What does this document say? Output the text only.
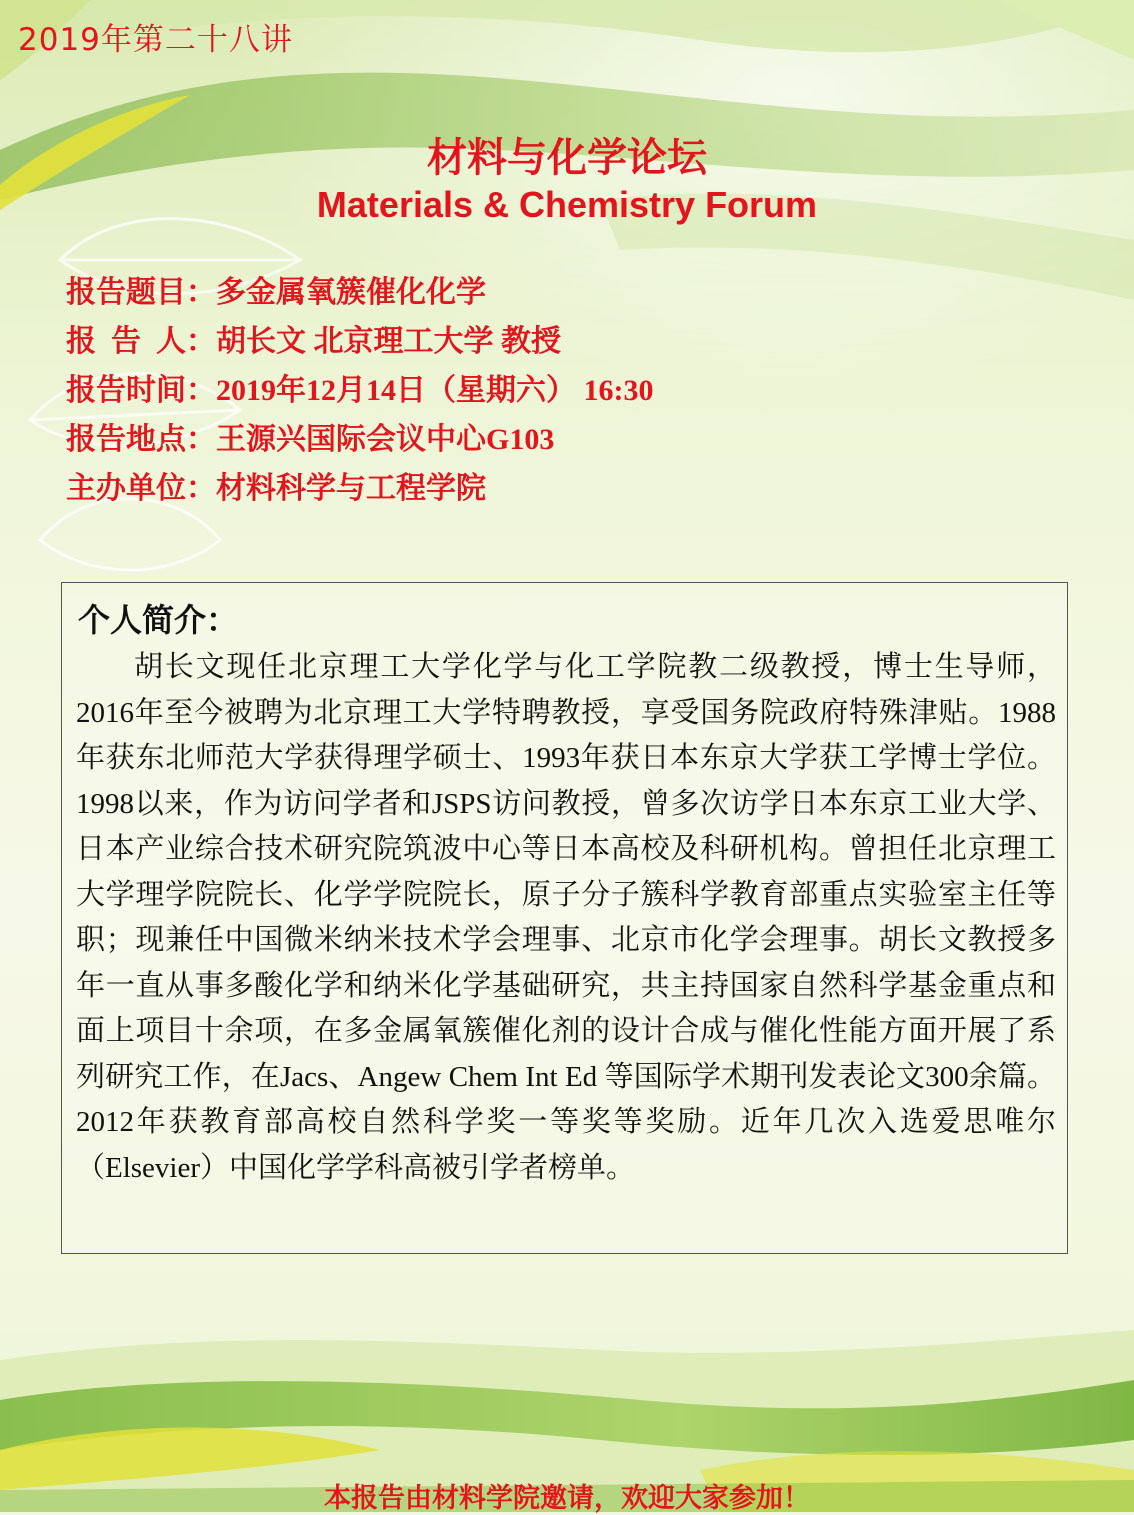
2019年第二十八讲
材料与化学论坛
Materials & Chemistry Forum
报告题目：多金属氧簇催化化学
报  告  人：胡长文 北京理工大学 教授
报告时间：2019年12月14日（星期六） 16:30
报告地点：王源兴国际会议中心G103
主办单位：材料科学与工程学院
个人简介：
胡长文现任北京理工大学化学与化工学院教二级教授，博士生导师，2016年至今被聘为北京理工大学特聘教授，享受国务院政府特殊津贴。1988年获东北师范大学获得理学硕士、1993年获日本东京大学获工学博士学位。1998以来，作为访问学者和JSPS访问教授，曾多次访学日本东京工业大学、日本产业综合技术研究院筑波中心等日本高校及科研机构。曾担任北京理工大学理学院院长、化学学院院长，原子分子簇科学教育部重点实验室主任等职；现兼任中国微米纳米技术学会理事、北京市化学会理事。胡长文教授多年一直从事多酸化学和纳米化学基础研究，共主持国家自然科学基金重点和面上项目十余项，在多金属氧簇催化剂的设计合成与催化性能方面开展了系列研究工作，在Jacs、Angew Chem Int Ed 等国际学术期刊发表论文300余篇。2012年获教育部高校自然科学奖一等奖等奖励。近年几次入选爱思唯尔（Elsevier）中国化学学科高被引学者榜单。
本报告由材料学院邀请，欢迎大家参加！
